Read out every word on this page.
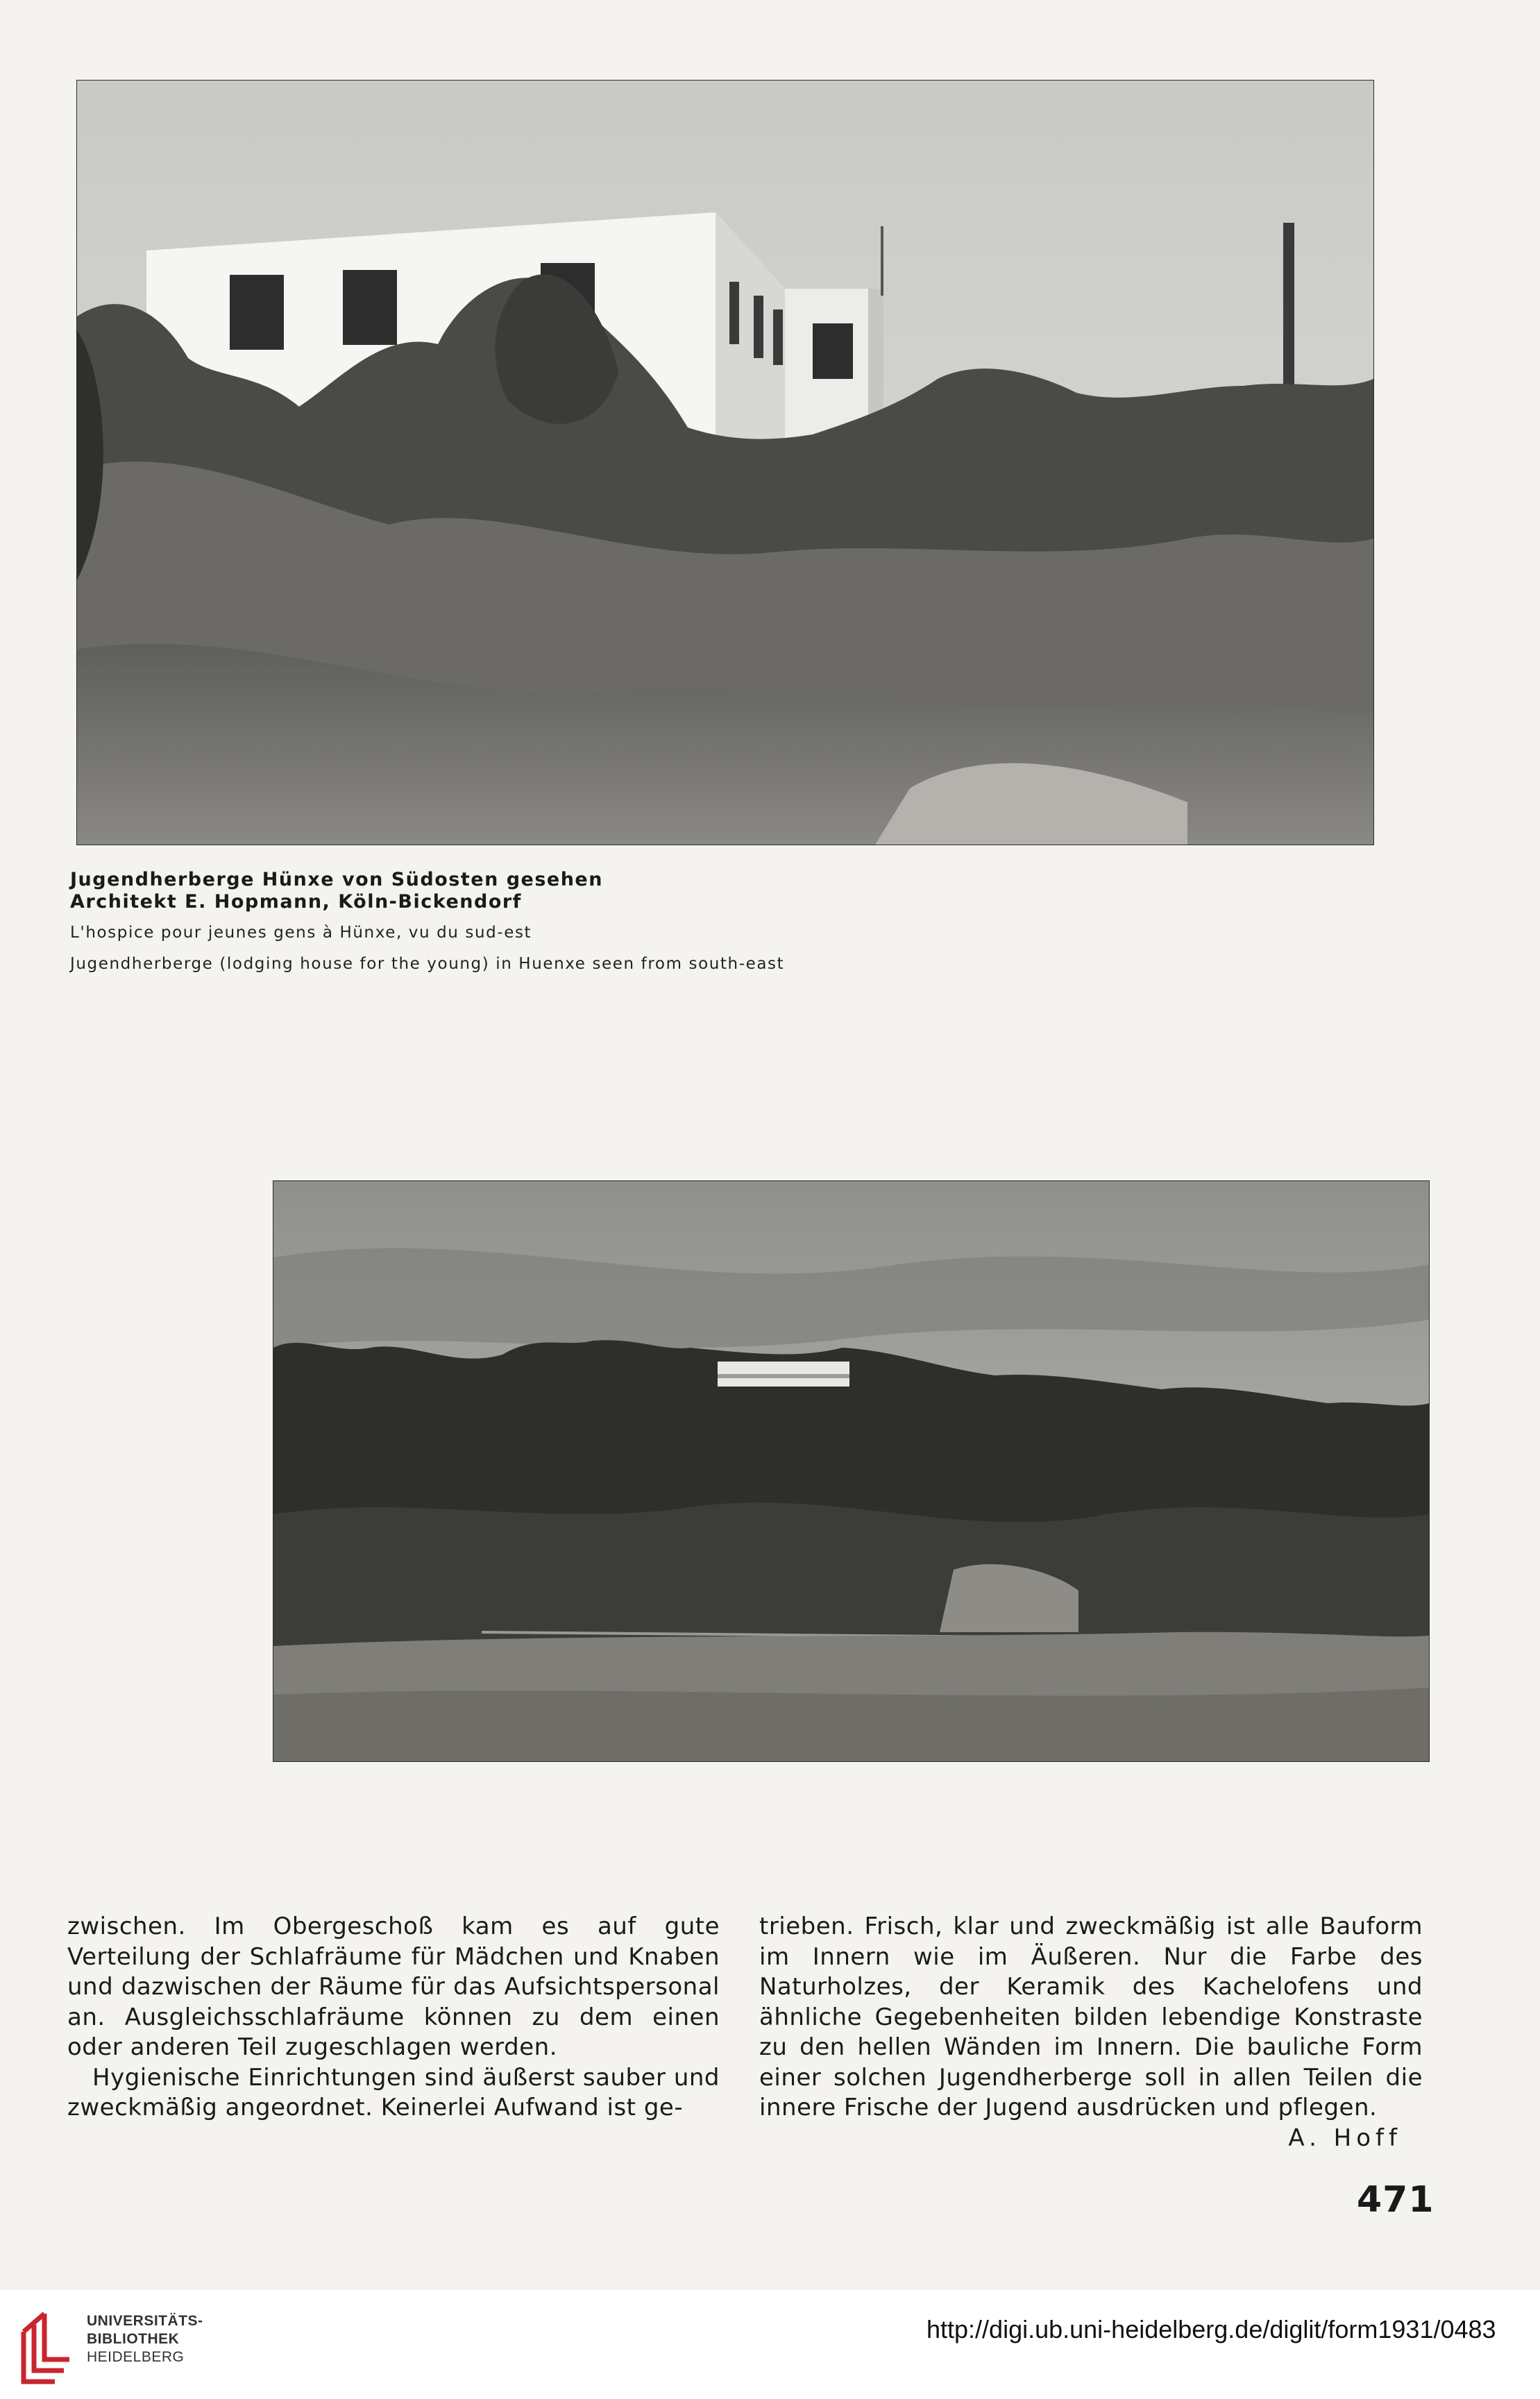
Jugendherberge Hünxe von Südosten gesehen
Architekt E. Hopmann, Köln-Bickendorf
L'hospice pour jeunes gens à Hünxe, vu du sud-est
Jugendherberge (lodging house for the young) in Huenxe seen from south-east

zwischen. Im Obergeschoß kam es auf gute Verteilung der Schlafräume für Mädchen und Knaben und dazwischen der Räume für das Aufsichtspersonal an. Ausgleichsschlafräume können zu dem einen oder anderen Teil zugeschlagen werden.

Hygienische Einrichtungen sind äußerst sauber und zweckmäßig angeordnet. Keinerlei Aufwand ist ge-

trieben. Frisch, klar und zweckmäßig ist alle Bauform im Innern wie im Äußeren. Nur die Farbe des Naturholzes, der Keramik des Kachelofens und ähnliche Gegebenheiten bilden lebendige Konstraste zu den hellen Wänden im Innern. Die bauliche Form einer solchen Jugendherberge soll in allen Teilen die innere Frische der Jugend ausdrücken und pflegen.
A. Hoff

471
UNIVERSITÄTS-
BIBLIOTHEK
HEIDELBERG
http://digi.ub.uni-heidelberg.de/diglit/form1931/0483
